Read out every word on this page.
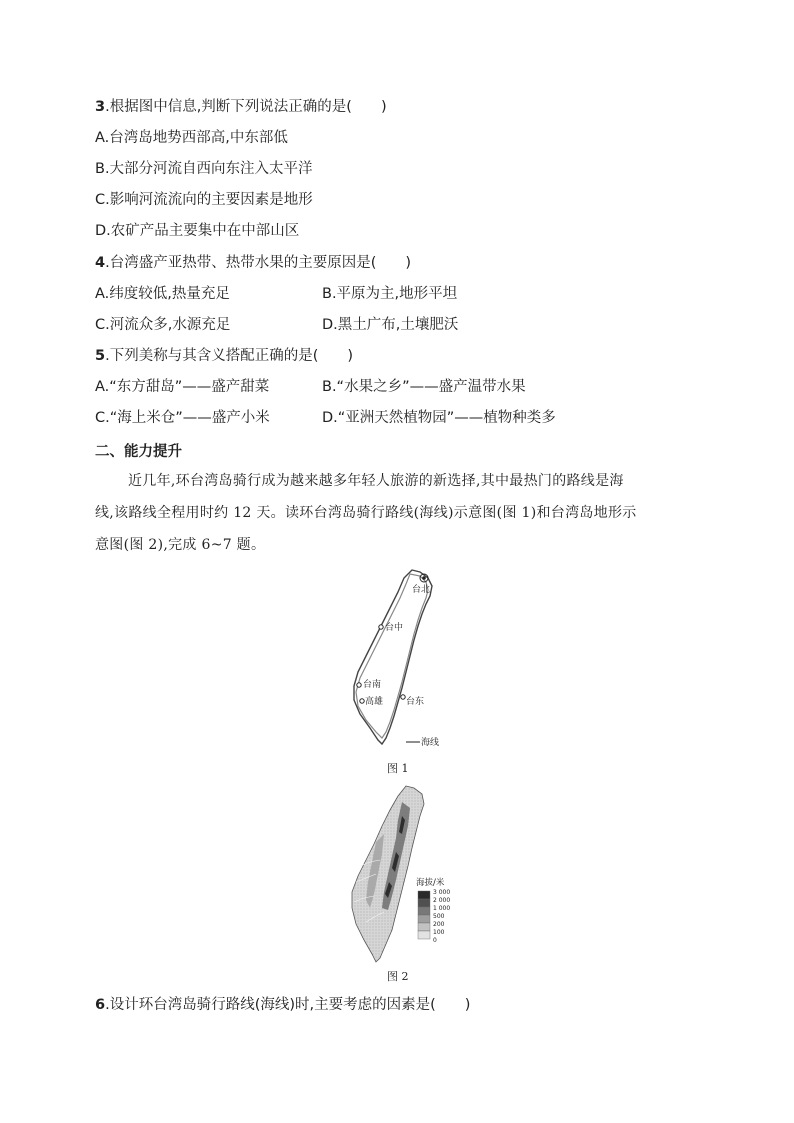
3.根据图中信息,判断下列说法正确的是(　　)
A.台湾岛地势西部高,中东部低
B.大部分河流自西向东注入太平洋
C.影响河流流向的主要因素是地形
D.农矿产品主要集中在中部山区
4.台湾盛产亚热带、热带水果的主要原因是(　　)
A.纬度较低,热量充足	B.平原为主,地形平坦
C.河流众多,水源充足	D.黑土广布,土壤肥沃
5.下列美称与其含义搭配正确的是(　　)
A.“东方甜岛”——盛产甜菜	B.“水果之乡”——盛产温带水果
C.“海上米仓”——盛产小米	D.“亚洲天然植物园”——植物种类多
二、能力提升
近几年,环台湾岛骑行成为越来越多年轻人旅游的新选择,其中最热门的路线是海
线,该路线全程用时约 12 天。读环台湾岛骑行路线(海线)示意图(图 1)和台湾岛地形示
意图(图 2),完成 6~7 题。
台北
台中
台南
高雄	台东
海线
图 1
海拔/米
3 000
2 000
1 000
500
200
100
0
图 2
6.设计环台湾岛骑行路线(海线)时,主要考虑的因素是(　　)
